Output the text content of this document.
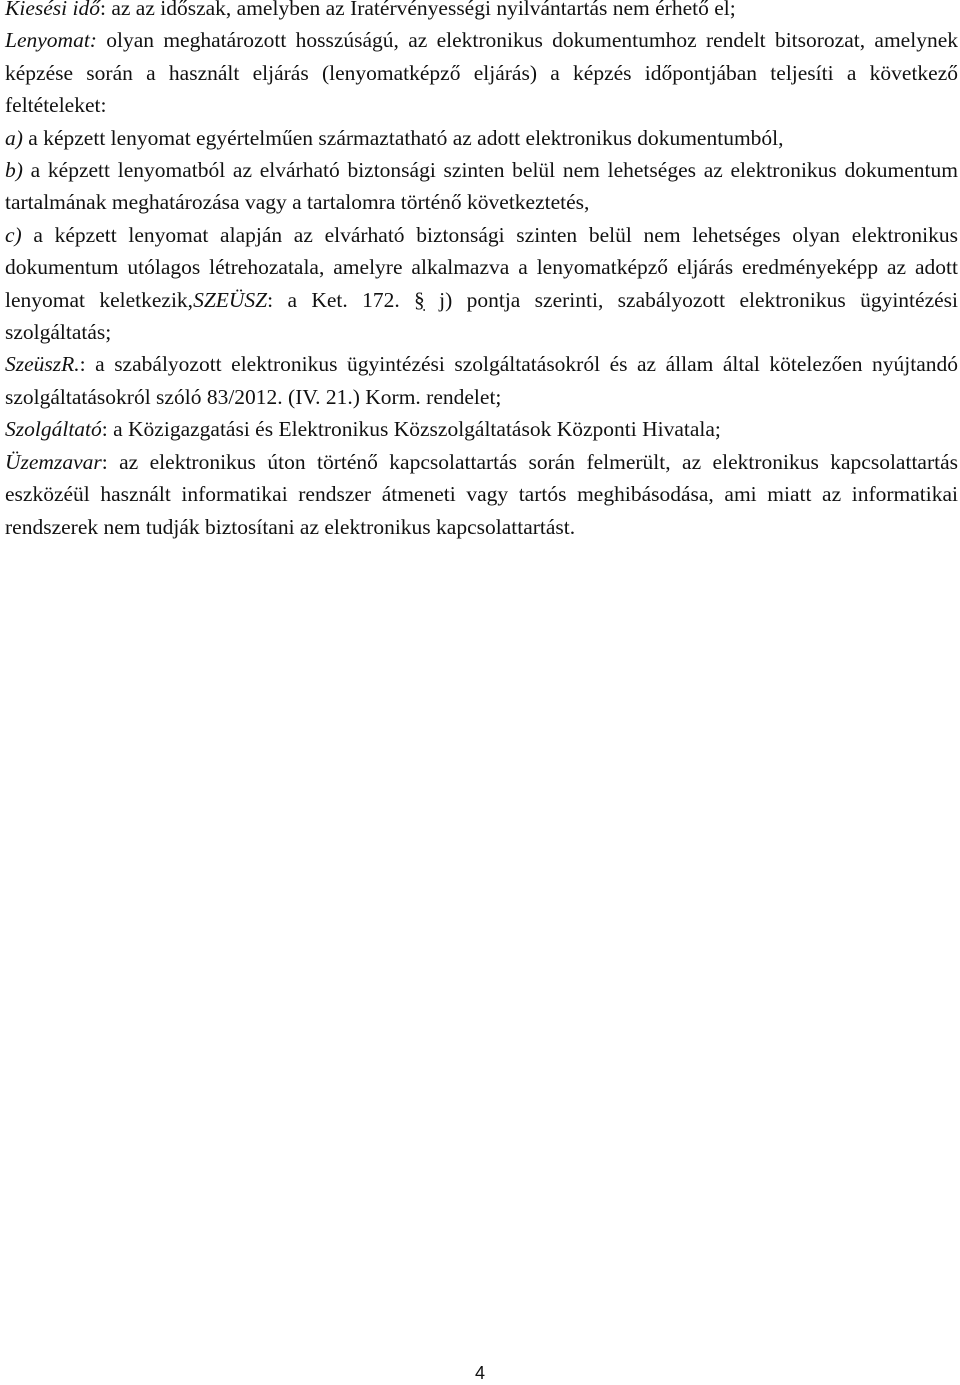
Kiesési idő: az az időszak, amelyben az Iratérvényességi nyilvántartás nem érhető el;

Lenyomat: olyan meghatározott hosszúságú, az elektronikus dokumentumhoz rendelt bitsorozat, amelynek képzése során a használt eljárás (lenyomatképző eljárás) a képzés időpontjában teljesíti a következő feltételeket:

a) a képzett lenyomat egyértelműen származtatható az adott elektronikus dokumentumból,

b) a képzett lenyomatból az elvárható biztonsági szinten belül nem lehetséges az elektronikus dokumentum tartalmának meghatározása vagy a tartalomra történő következtetés,

c) a képzett lenyomat alapján az elvárható biztonsági szinten belül nem lehetséges olyan elektronikus dokumentum utólagos létrehozatala, amelyre alkalmazva a lenyomatképző eljárás eredményeképp az adott lenyomat keletkezik,SZEÜSZ: a Ket. 172. § j) pontja szerinti, szabályozott elektronikus ügyintézési szolgáltatás;

SzeüszR.: a szabályozott elektronikus ügyintézési szolgáltatásokról és az állam által kötelezően nyújtandó szolgáltatásokról szóló 83/2012. (IV. 21.) Korm. rendelet;

Szolgáltató: a Közigazgatási és Elektronikus Közszolgáltatások Központi Hivatala;

Üzemzavar: az elektronikus úton történő kapcsolattartás során felmerült, az elektronikus kapcsolattartás eszközéül használt informatikai rendszer átmeneti vagy tartós meghibásodása, ami miatt az informatikai rendszerek nem tudják biztosítani az elektronikus kapcsolattartást.

4
